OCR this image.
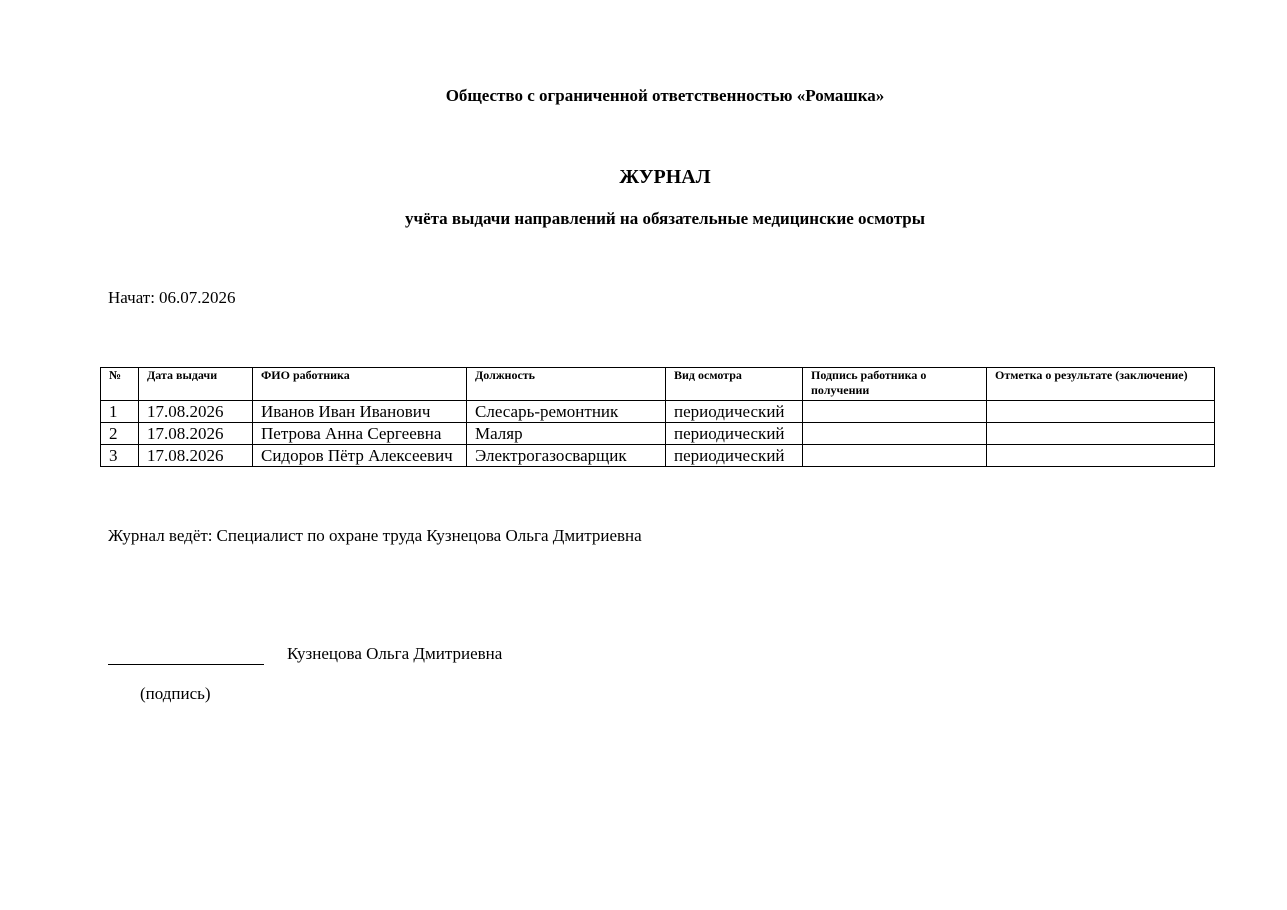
Общество с ограниченной ответственностью «Ромашка»
ЖУРНАЛ
учёта выдачи направлений на обязательные медицинские осмотры
Начат: 06.07.2026
№	Дата выдачи	ФИО работника	Должность	Вид осмотра	Подпись работника о получении	Отметка о результате (заключение)
1	17.08.2026	Иванов Иван Иванович	Слесарь-ремонтник	периодический		
2	17.08.2026	Петрова Анна Сергеевна	Маляр	периодический		
3	17.08.2026	Сидоров Пётр Алексеевич	Электрогазосварщик	периодический		
Журнал ведёт: Специалист по охране труда Кузнецова Ольга Дмитриевна
Кузнецова Ольга Дмитриевна
(подпись)
